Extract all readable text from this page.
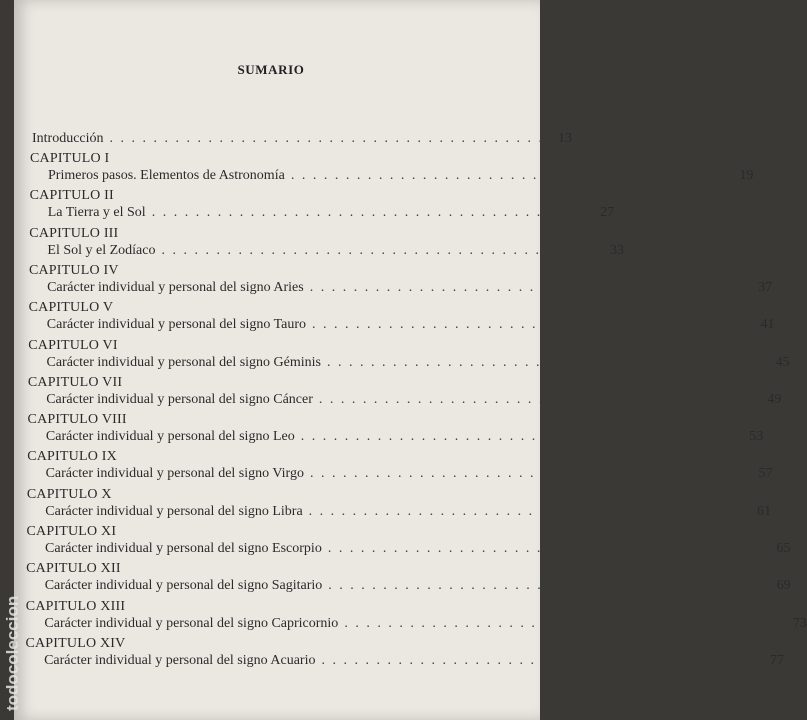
SUMARIO
Introducción . . . . . . . . . . . . . . . . . . . . . . . . . . . . . . . . . . . . . . . .	13
CAPITULO I
Primeros pasos. Elementos de Astronomía . . . . . . . . . . . . . . . . . . . . . . . . . . . . . . . . . . . . . . . .	19
CAPITULO II
La Tierra y el Sol . . . . . . . . . . . . . . . . . . . . . . . . . . . . . . . . . . . . . . . .	27
CAPITULO III
El Sol y el Zodíaco . . . . . . . . . . . . . . . . . . . . . . . . . . . . . . . . . . . . . . . .	33
CAPITULO IV
Carácter individual y personal del signo Aries . . . . . . . . . . . . . . . . . . . . . . . . . . . . . . . . . . . . . . . .	37
CAPITULO V
Carácter individual y personal del signo Tauro . . . . . . . . . . . . . . . . . . . . . . . . . . . . . . . . . . . . . . . .	41
CAPITULO VI
Carácter individual y personal del signo Géminis . . . . . . . . . . . . . . . . . . . . . . . . . . . . . . . . . . . . . . . .	45
CAPITULO VII
Carácter individual y personal del signo Cáncer . . . . . . . . . . . . . . . . . . . . . . . . . . . . . . . . . . . . . . . .	49
CAPITULO VIII
Carácter individual y personal del signo Leo . . . . . . . . . . . . . . . . . . . . . . . . . . . . . . . . . . . . . . . .	53
CAPITULO IX
Carácter individual y personal del signo Virgo . . . . . . . . . . . . . . . . . . . . . . . . . . . . . . . . . . . . . . . .	57
CAPITULO X
Carácter individual y personal del signo Libra . . . . . . . . . . . . . . . . . . . . . . . . . . . . . . . . . . . . . . . .	61
CAPITULO XI
Carácter individual y personal del signo Escorpio . . . . . . . . . . . . . . . . . . . . . . . . . . . . . . . . . . . . . . . .	65
CAPITULO XII
Carácter individual y personal del signo Sagitario . . . . . . . . . . . . . . . . . . . . . . . . . . . . . . . . . . . . . . . .	69
CAPITULO XIII
Carácter individual y personal del signo Capricornio . . . . . . . . . . . . . . . . . . . . . . . . . . . . . . . . . . . . . . . .	73
CAPITULO XIV
Carácter individual y personal del signo Acuario . . . . . . . . . . . . . . . . . . . . . . . . . . . . . . . . . . . . . . . .	77
todocoleccion
